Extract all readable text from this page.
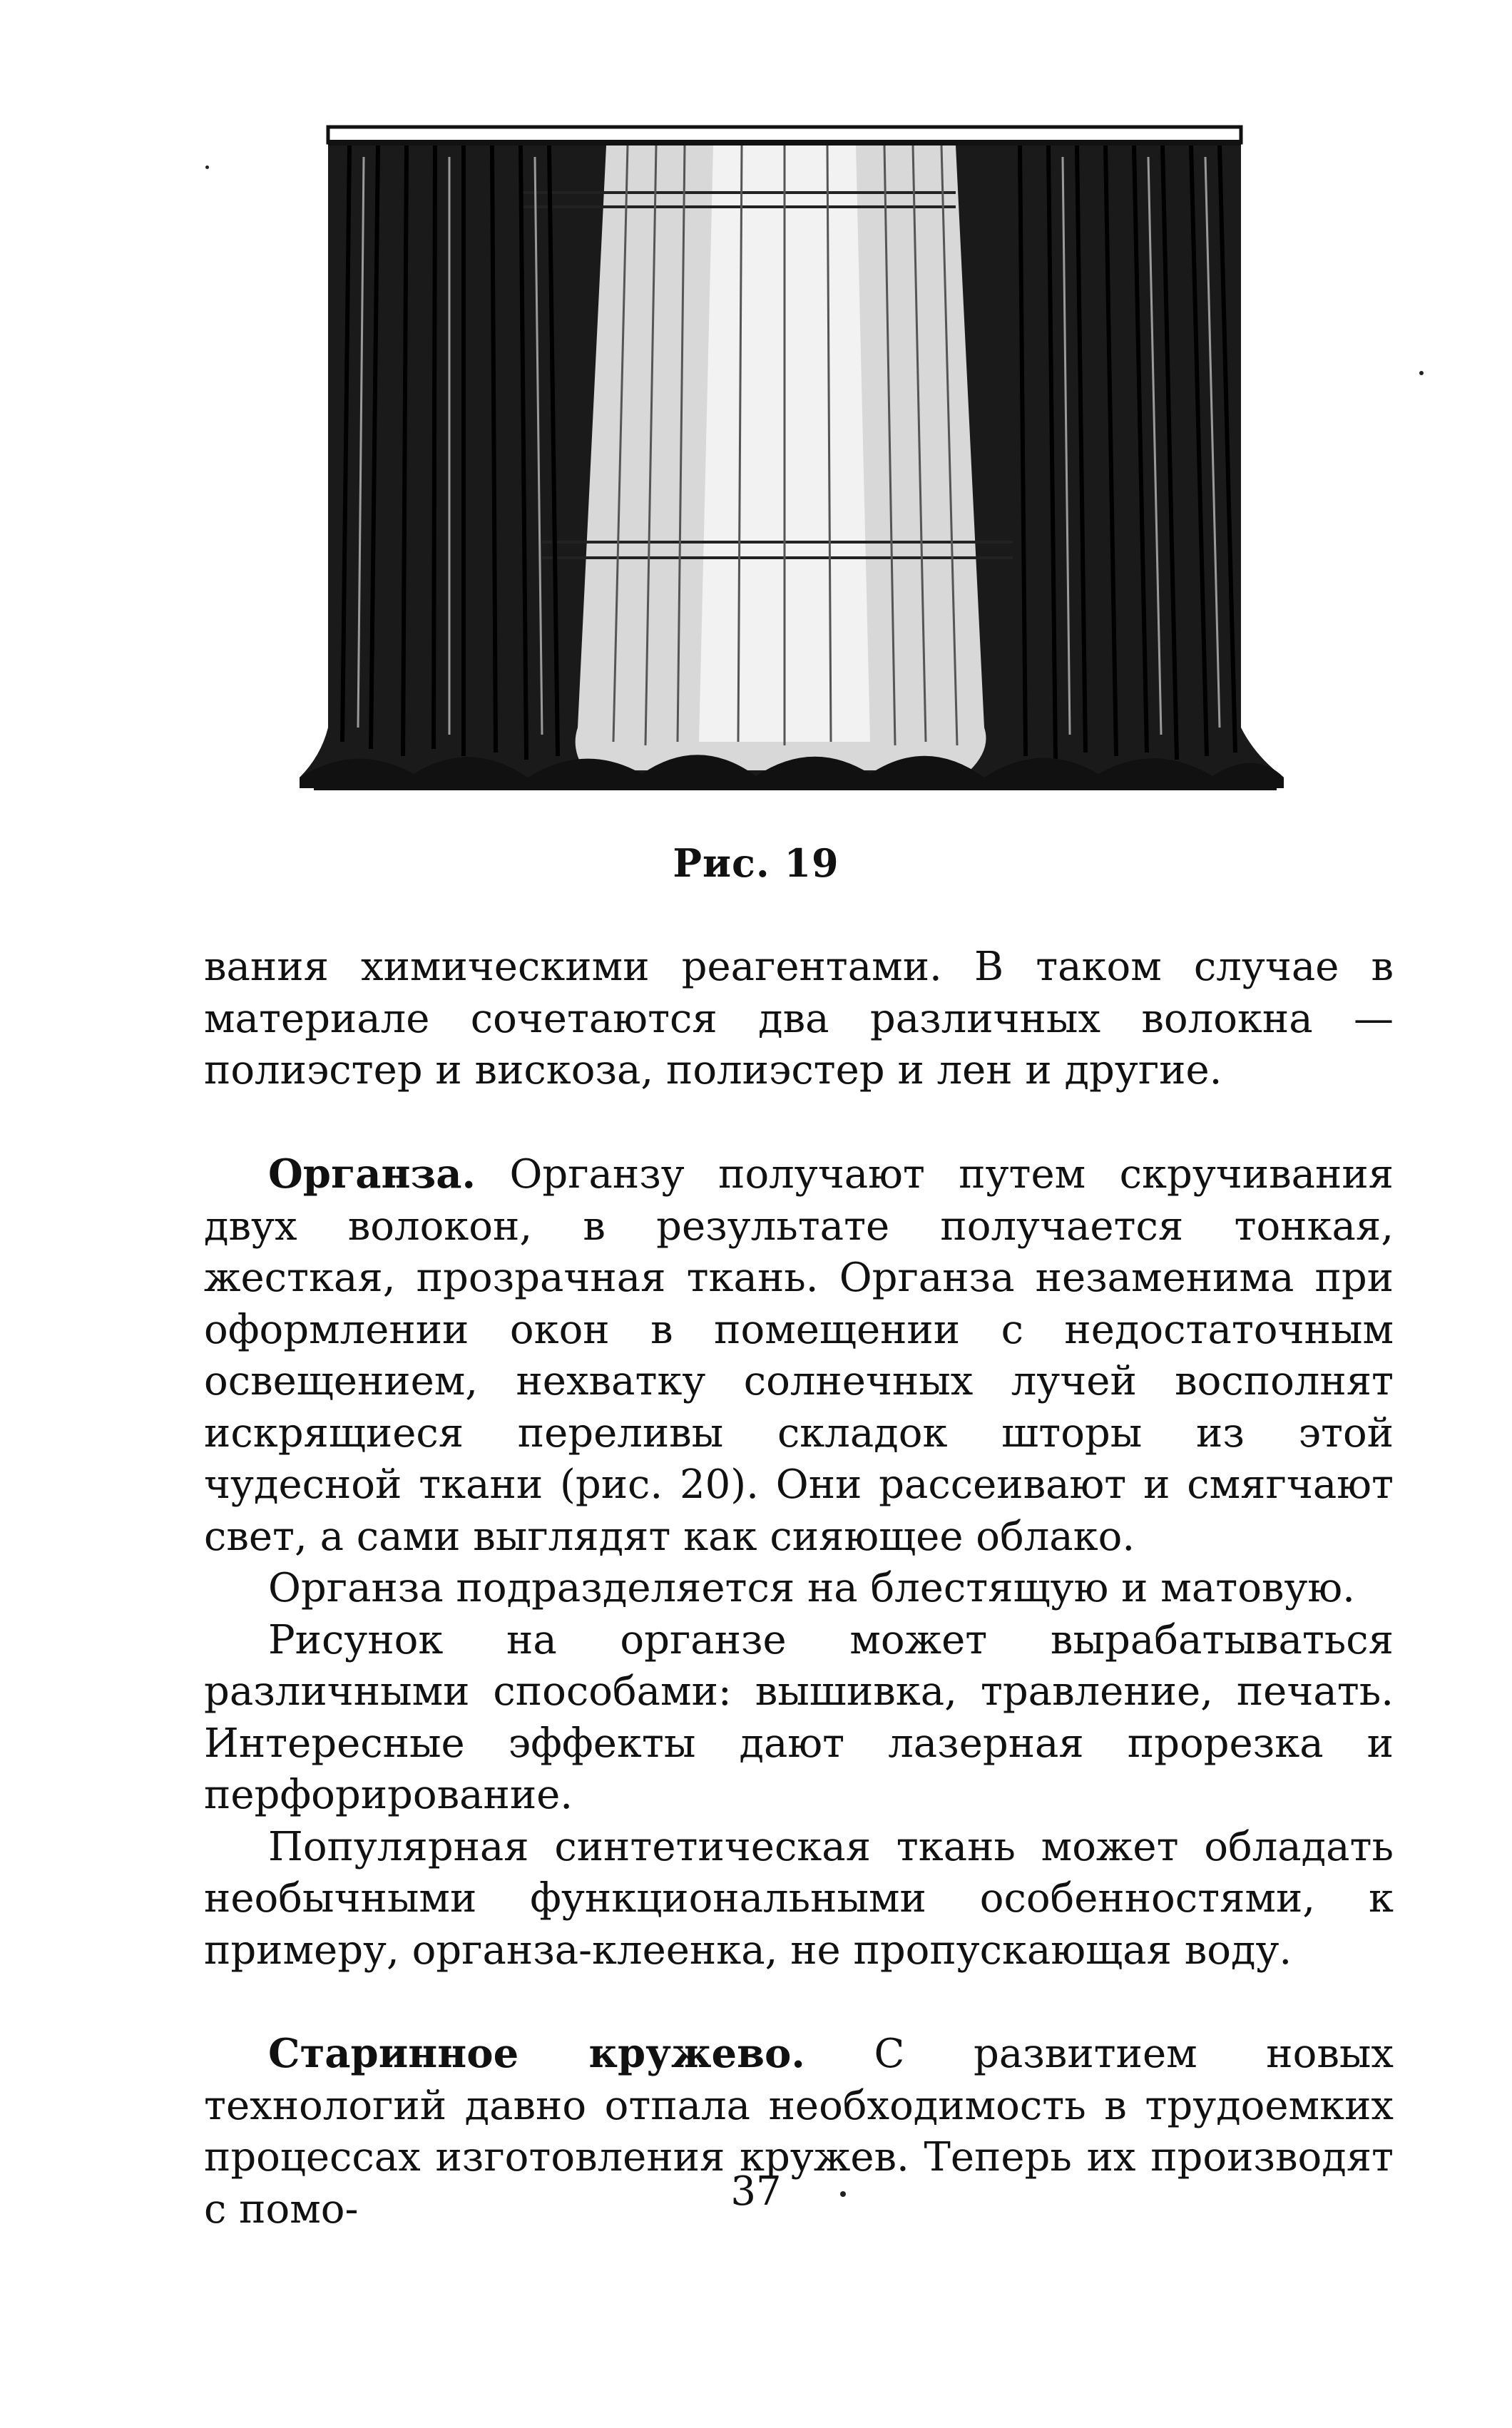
Рис. 19

вания химическими реагентами. В таком случае в материале сочетаются два различных волокна — полиэстер и вискоза, полиэстер и лен и другие.

Органза. Органзу получают путем скручивания двух волокон, в результате получается тонкая, жесткая, прозрачная ткань. Органза незаменима при оформлении окон в помещении с недостаточным освещением, нехватку солнечных лучей восполнят искрящиеся переливы складок шторы из этой чудесной ткани (рис. 20). Они рассеивают и смягчают свет, а сами выглядят как сияющее облако.

Органза подразделяется на блестящую и матовую.

Рисунок на органзе может вырабатываться различными способами: вышивка, травление, печать. Интересные эффекты дают лазерная прорезка и перфорирование.

Популярная синтетическая ткань может обладать необычными функциональными особенностями, к примеру, органза-клеенка, не пропускающая воду.

Старинное кружево. С развитием новых технологий давно отпала необходимость в трудоемких процессах изготовления кружев. Теперь их производят с помо-	37
